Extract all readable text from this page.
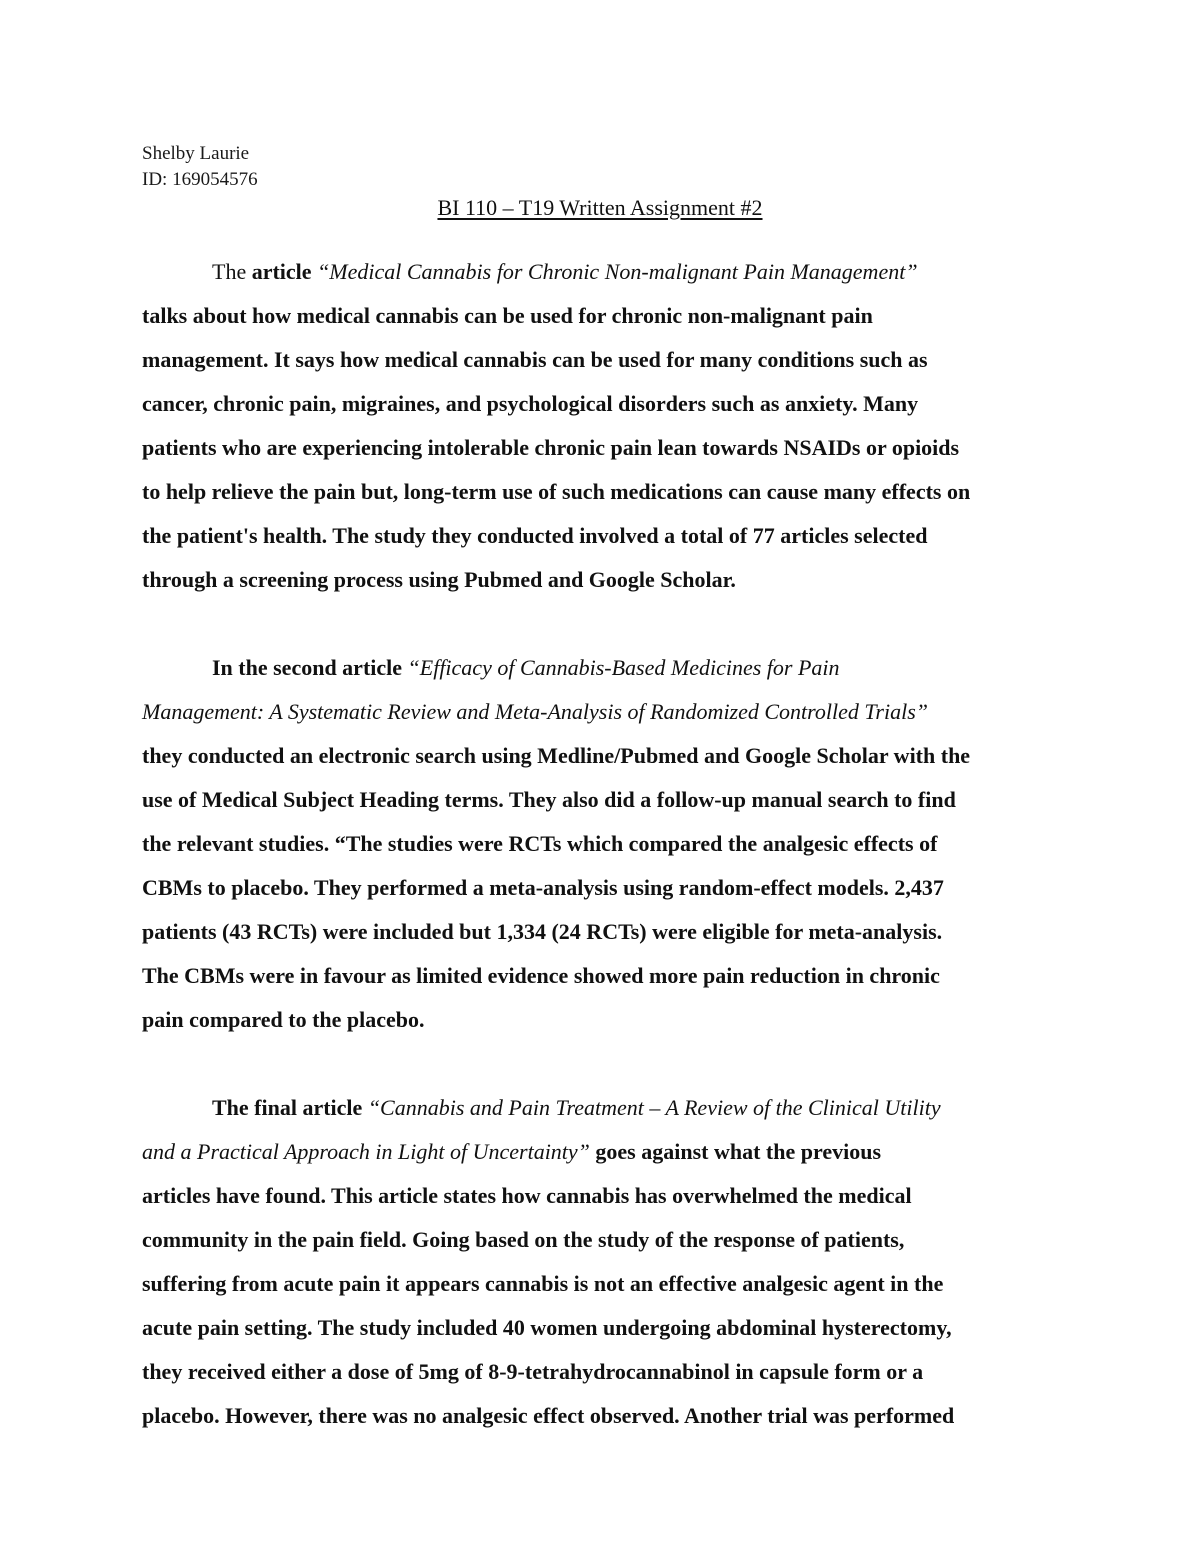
Shelby Laurie
ID: 169054576
BI 110 – T19 Written Assignment #2
The article “Medical Cannabis for Chronic Non-malignant Pain Management”
talks about how medical cannabis can be used for chronic non-malignant pain
management. It says how medical cannabis can be used for many conditions such as
cancer, chronic pain, migraines, and psychological disorders such as anxiety. Many
patients who are experiencing intolerable chronic pain lean towards NSAIDs or opioids
to help relieve the pain but, long-term use of such medications can cause many effects on
the patient's health. The study they conducted involved a total of 77 articles selected
through a screening process using Pubmed and Google Scholar.
In the second article “Efficacy of Cannabis-Based Medicines for Pain
Management: A Systematic Review and Meta-Analysis of Randomized Controlled Trials”
they conducted an electronic search using Medline/Pubmed and Google Scholar with the
use of Medical Subject Heading terms. They also did a follow-up manual search to find
the relevant studies. “The studies were RCTs which compared the analgesic effects of
CBMs to placebo. They performed a meta-analysis using random-effect models. 2,437
patients (43 RCTs) were included but 1,334 (24 RCTs) were eligible for meta-analysis.
The CBMs were in favour as limited evidence showed more pain reduction in chronic
pain compared to the placebo.
The final article “Cannabis and Pain Treatment – A Review of the Clinical Utility
and a Practical Approach in Light of Uncertainty” goes against what the previous
articles have found. This article states how cannabis has overwhelmed the medical
community in the pain field. Going based on the study of the response of patients,
suffering from acute pain it appears cannabis is not an effective analgesic agent in the
acute pain setting. The study included 40 women undergoing abdominal hysterectomy,
they received either a dose of 5mg of 8-9-tetrahydrocannabinol in capsule form or a
placebo. However, there was no analgesic effect observed. Another trial was performed
